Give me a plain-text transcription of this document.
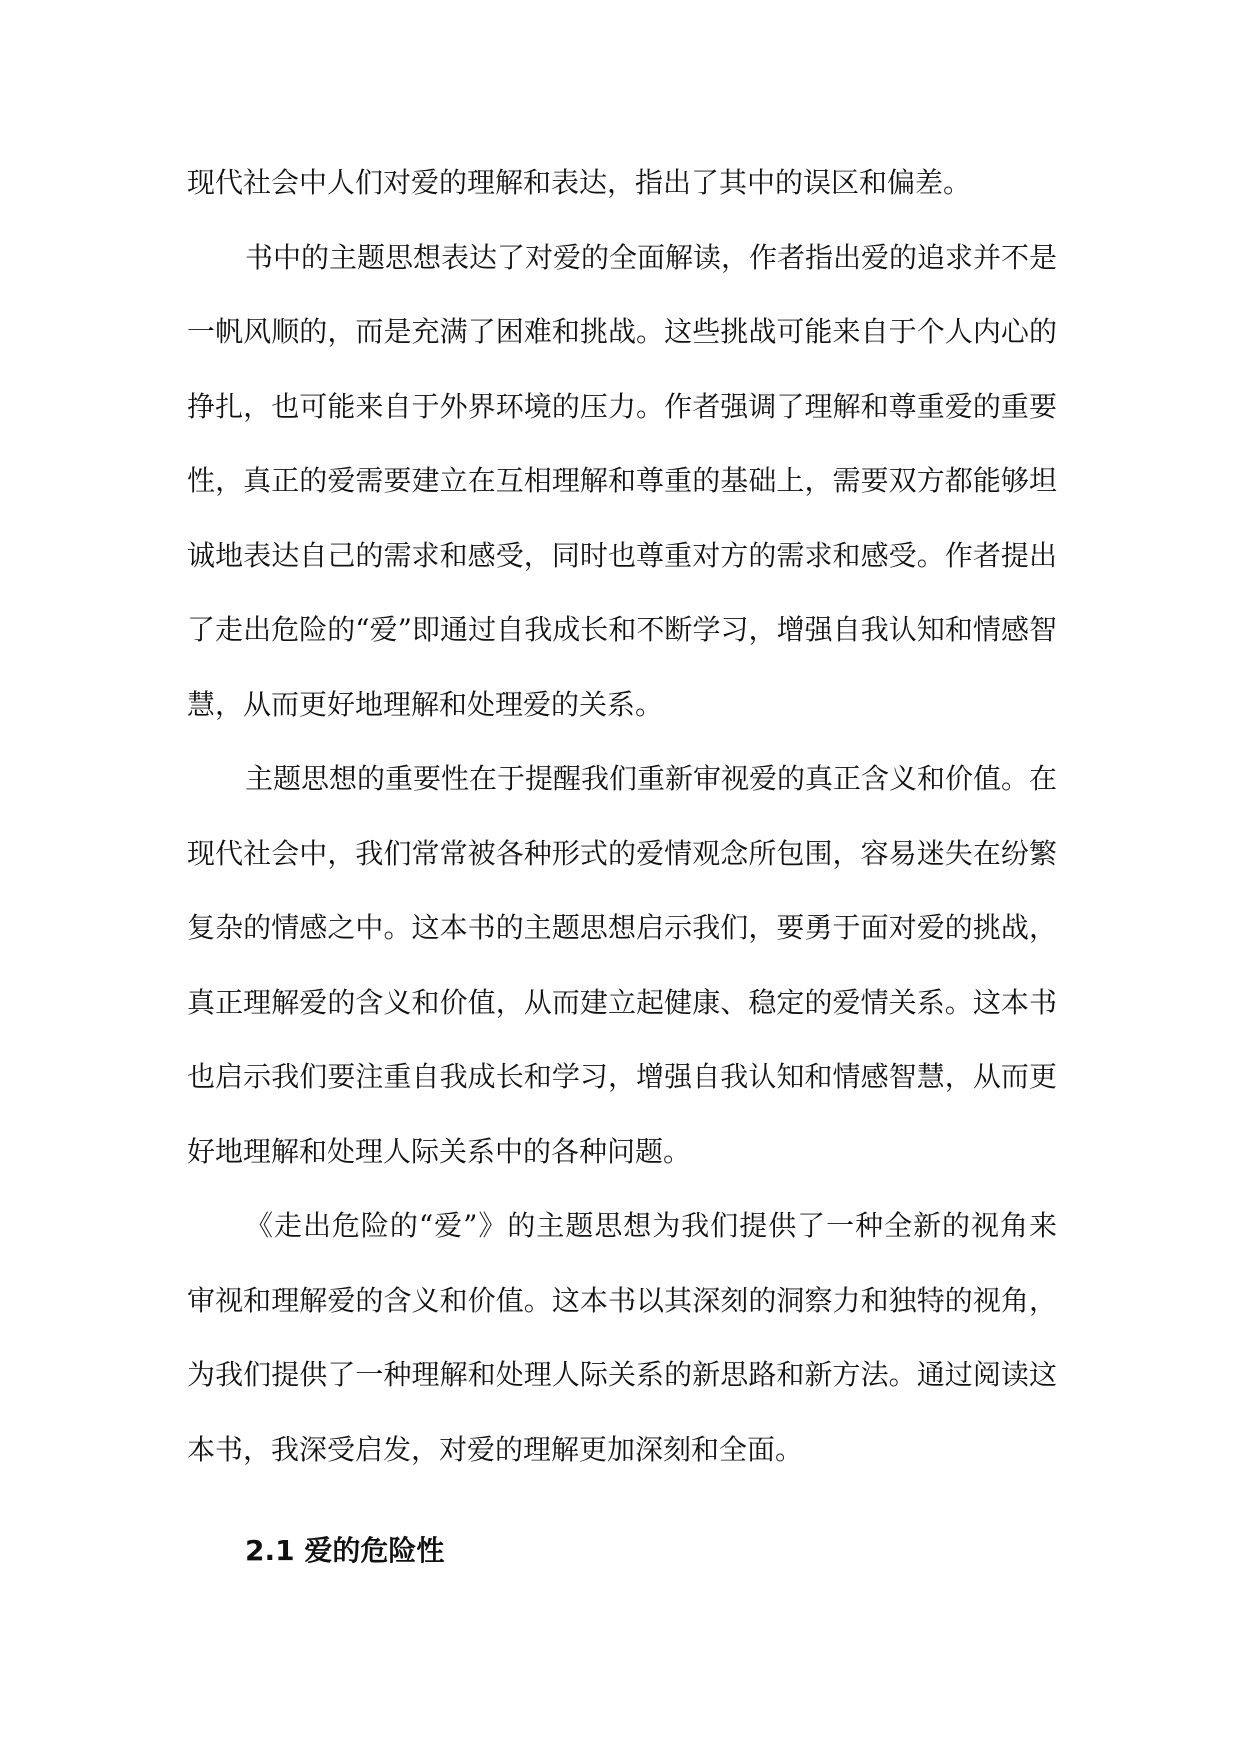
现代社会中人们对爱的理解和表达，指出了其中的误区和偏差。

书中的主题思想表达了对爱的全面解读，作者指出爱的追求并不是一帆风顺的，而是充满了困难和挑战。这些挑战可能来自于个人内心的挣扎，也可能来自于外界环境的压力。作者强调了理解和尊重爱的重要性，真正的爱需要建立在互相理解和尊重的基础上，需要双方都能够坦诚地表达自己的需求和感受，同时也尊重对方的需求和感受。作者提出了走出危险的“爱”即通过自我成长和不断学习，增强自我认知和情感智慧，从而更好地理解和处理爱的关系。

主题思想的重要性在于提醒我们重新审视爱的真正含义和价值。在现代社会中，我们常常被各种形式的爱情观念所包围，容易迷失在纷繁复杂的情感之中。这本书的主题思想启示我们，要勇于面对爱的挑战，真正理解爱的含义和价值，从而建立起健康、稳定的爱情关系。这本书也启示我们要注重自我成长和学习，增强自我认知和情感智慧，从而更好地理解和处理人际关系中的各种问题。

《走出危险的“爱”》的主题思想为我们提供了一种全新的视角来审视和理解爱的含义和价值。这本书以其深刻的洞察力和独特的视角，为我们提供了一种理解和处理人际关系的新思路和新方法。通过阅读这本书，我深受启发，对爱的理解更加深刻和全面。

2.1 爱的危险性
